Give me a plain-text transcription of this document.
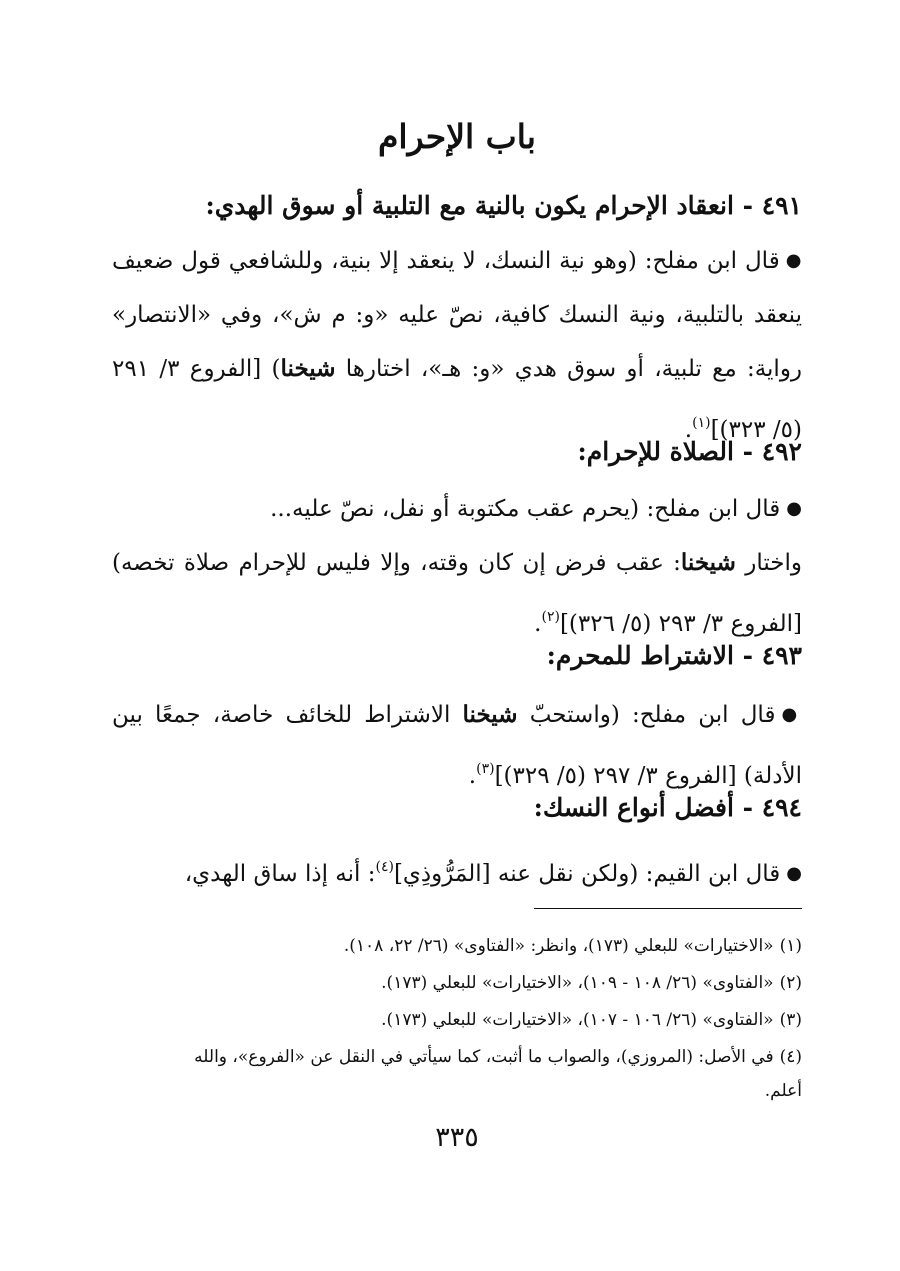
باب الإحرام
٤٩١ - انعقاد الإحرام يكون بالنية مع التلبية أو سوق الهدي:

●قال ابن مفلح: (وهو نية النسك، لا ينعقد إلا بنية، وللشافعي قول ضعيف ينعقد بالتلبية، ونية النسك كافية، نصّ عليه «و: م ش»، وفي «الانتصار» رواية: مع تلبية، أو سوق هدي «و: هـ»، اختارها شيخنا) [الفروع ٣/ ٢٩١ (٥/ ٣٢٣)]$^{(١)}$.

٤٩٢ - الصلاة للإحرام:

●قال ابن مفلح: (يحرم عقب مكتوبة أو نفل، نصّ عليه...

واختار شيخنا: عقب فرض إن كان وقته، وإلا فليس للإحرام صلاة تخصه) [الفروع ٣/ ٢٩٣ (٥/ ٣٢٦)]$^{(٢)}$.

٤٩٣ - الاشتراط للمحرم:

●قال ابن مفلح: (واستحبّ شيخنا الاشتراط للخائف خاصة، جمعًا بين الأدلة) [الفروع ٣/ ٢٩٧ (٥/ ٣٢٩)]$^{(٣)}$.

٤٩٤ - أفضل أنواع النسك:

●قال ابن القيم: (ولكن نقل عنه [المَرُّوذِي]$^{(٤)}$: أنه إذا ساق الهدي،

(١)«الاختيارات» للبعلي (١٧٣)، وانظر: «الفتاوى» (٢٦/ ٢٢، ١٠٨).

(٢)«الفتاوى» (٢٦/ ١٠٨ - ١٠٩)، «الاختيارات» للبعلي (١٧٣).

(٣)«الفتاوى» (٢٦/ ١٠٦ - ١٠٧)، «الاختيارات» للبعلي (١٧٣).

(٤)في الأصل: (المروزي)، والصواب ما أثبت، كما سيأتي في النقل عن «الفروع»، والله

أعلم.

٣٣٥
